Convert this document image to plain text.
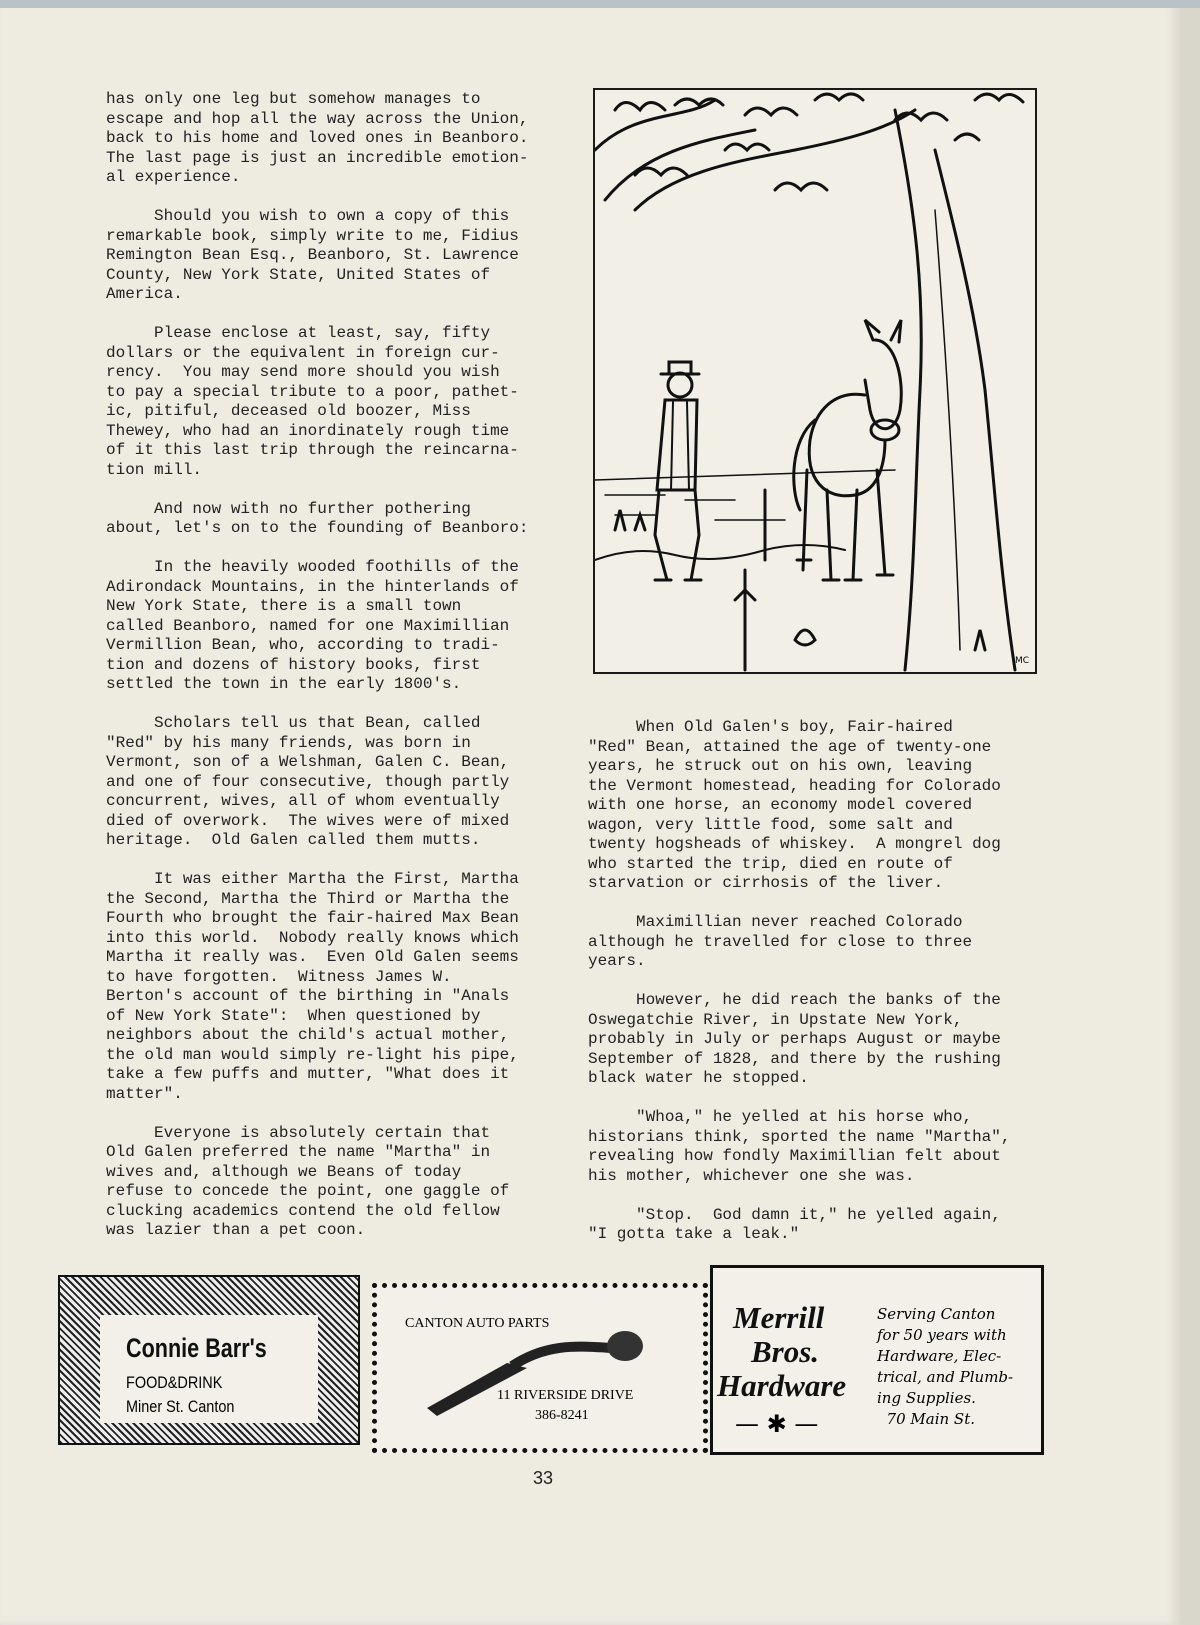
has only one leg but somehow manages to
escape and hop all the way across the Union,
back to his home and loved ones in Beanboro.
The last page is just an incredible emotion-
al experience.
Should you wish to own a copy of this
remarkable book, simply write to me, Fidius
Remington Bean Esq., Beanboro, St. Lawrence
County, New York State, United States of
America.
Please enclose at least, say, fifty
dollars or the equivalent in foreign cur-
rency.  You may send more should you wish
to pay a special tribute to a poor, pathet-
ic, pitiful, deceased old boozer, Miss
Thewey, who had an inordinately rough time
of it this last trip through the reincarna-
tion mill.
And now with no further pothering
about, let's on to the founding of Beanboro:
In the heavily wooded foothills of the
Adirondack Mountains, in the hinterlands of
New York State, there is a small town
called Beanboro, named for one Maximillian
Vermillion Bean, who, according to tradi-
tion and dozens of history books, first
settled the town in the early 1800's.
Scholars tell us that Bean, called
"Red" by his many friends, was born in
Vermont, son of a Welshman, Galen C. Bean,
and one of four consecutive, though partly
concurrent, wives, all of whom eventually
died of overwork.  The wives were of mixed
heritage.  Old Galen called them mutts.
It was either Martha the First, Martha
the Second, Martha the Third or Martha the
Fourth who brought the fair-haired Max Bean
into this world.  Nobody really knows which
Martha it really was.  Even Old Galen seems
to have forgotten.  Witness James W.
Berton's account of the birthing in "Anals
of New York State":  When questioned by
neighbors about the child's actual mother,
the old man would simply re-light his pipe,
take a few puffs and mutter, "What does it
matter".
Everyone is absolutely certain that
Old Galen preferred the name "Martha" in
wives and, although we Beans of today
refuse to concede the point, one gaggle of
clucking academics contend the old fellow
was lazier than a pet coon.
When Old Galen's boy, Fair-haired
"Red" Bean, attained the age of twenty-one
years, he struck out on his own, leaving
the Vermont homestead, heading for Colorado
with one horse, an economy model covered
wagon, very little food, some salt and
twenty hogsheads of whiskey.  A mongrel dog
who started the trip, died en route of
starvation or cirrhosis of the liver.
Maximillian never reached Colorado
although he travelled for close to three
years.
However, he did reach the banks of the
Oswegatchie River, in Upstate New York,
probably in July or perhaps August or maybe
September of 1828, and there by the rushing
black water he stopped.
"Whoa," he yelled at his horse who,
historians think, sported the name "Martha",
revealing how fondly Maximillian felt about
his mother, whichever one she was.
"Stop.  God damn it," he yelled again,
"I gotta take a leak."
MC
Connie Barr's
FOOD&DRINK
Miner St. Canton
CANTON AUTO PARTS
11 RIVERSIDE DRIVE
386-8241
Merrill
Bros.
Hardware
Serving Canton
for 50 years with
Hardware, Elec-
trical, and Plumb-
ing Supplies.
70 Main St.
— ✱ —
33
